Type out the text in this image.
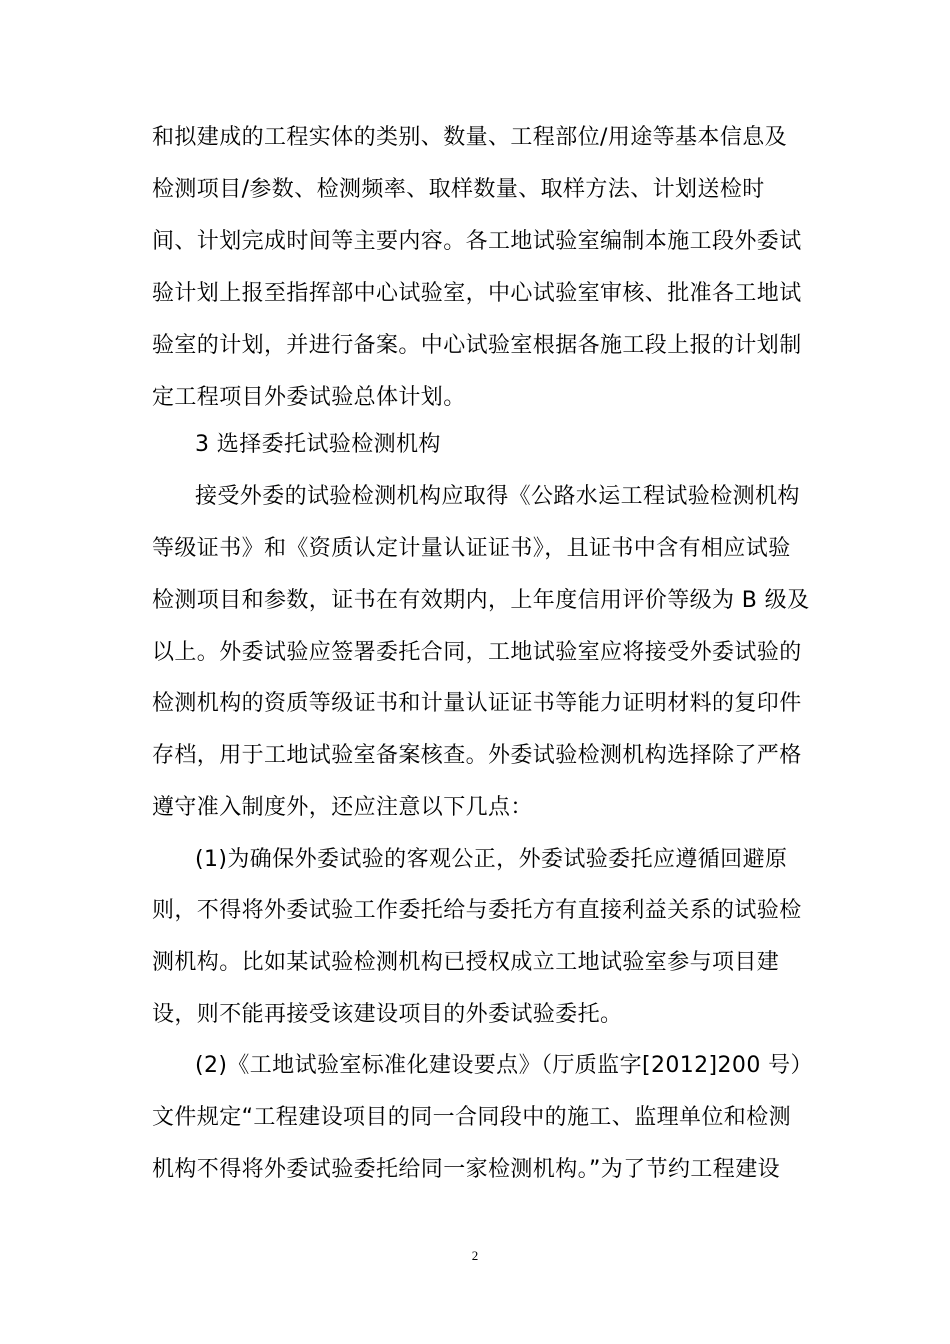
和拟建成的工程实体的类别、数量、工程部位/用途等基本信息及
检测项目/参数、检测频率、取样数量、取样方法、计划送检时
间、计划完成时间等主要内容。各工地试验室编制本施工段外委试
验计划上报至指挥部中心试验室，中心试验室审核、批准各工地试
验室的计划，并进行备案。中心试验室根据各施工段上报的计划制
定工程项目外委试验总体计划。
3 选择委托试验检测机构
接受外委的试验检测机构应取得《公路水运工程试验检测机构
等级证书》和《资质认定计量认证证书》，且证书中含有相应试验
检测项目和参数，证书在有效期内，上年度信用评价等级为 B 级及
以上。外委试验应签署委托合同，工地试验室应将接受外委试验的
检测机构的资质等级证书和计量认证证书等能力证明材料的复印件
存档，用于工地试验室备案核查。外委试验检测机构选择除了严格
遵守准入制度外，还应注意以下几点：
(1)为确保外委试验的客观公正，外委试验委托应遵循回避原
则，不得将外委试验工作委托给与委托方有直接利益关系的试验检
测机构。比如某试验检测机构已授权成立工地试验室参与项目建
设，则不能再接受该建设项目的外委试验委托。
(2)《工地试验室标准化建设要点》（厅质监字[2012]200 号）
文件规定“工程建设项目的同一合同段中的施工、监理单位和检测
机构不得将外委试验委托给同一家检测机构。”为了节约工程建设
2
